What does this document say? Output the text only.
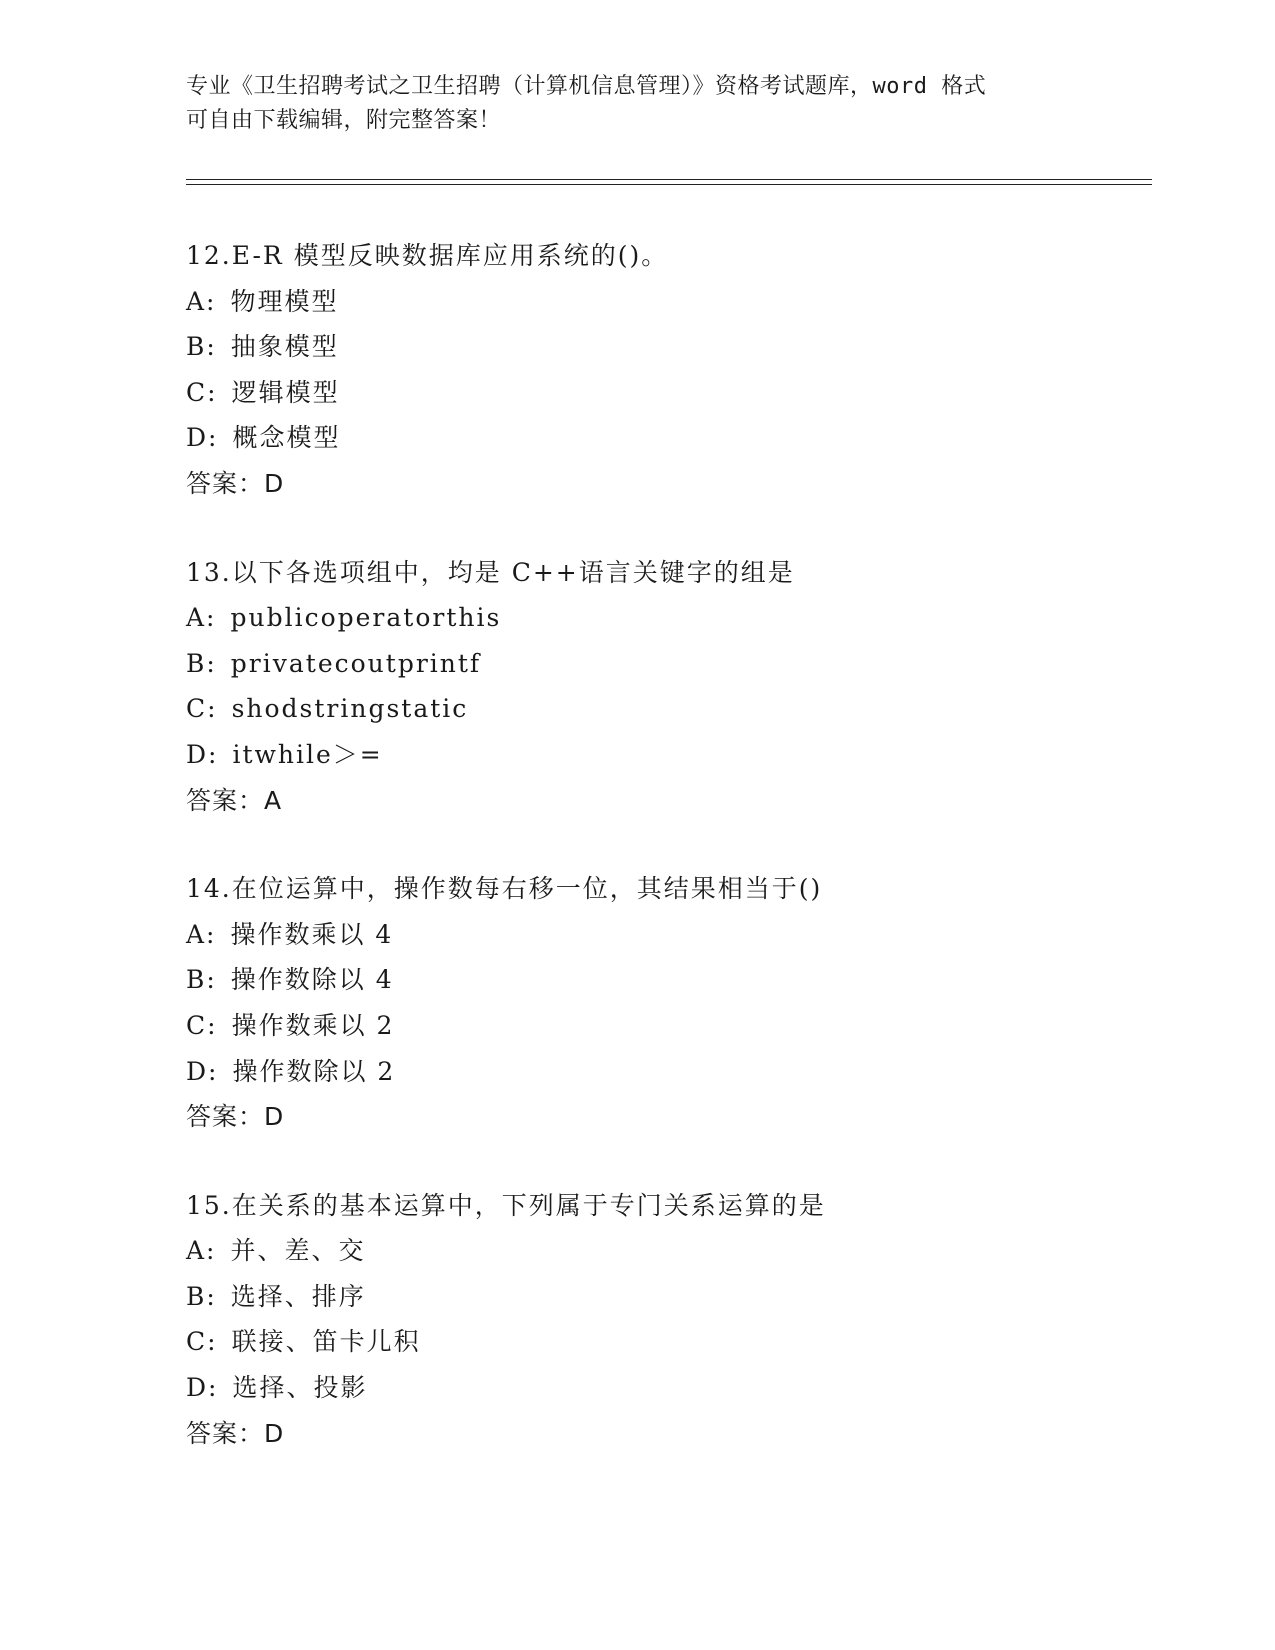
专业《卫生招聘考试之卫生招聘（计算机信息管理）》资格考试题库，word 格式
可自由下载编辑，附完整答案！
12.E-R 模型反映数据库应用系统的()。
A: 物理模型
B: 抽象模型
C: 逻辑模型
D: 概念模型
答案：D
13.以下各选项组中，均是 C++语言关键字的组是
A: publicoperatorthis
B: privatecoutprintf
C: shodstringstatic
D: itwhile＞=
答案：A
14.在位运算中，操作数每右移一位，其结果相当于()
A: 操作数乘以 4
B: 操作数除以 4
C: 操作数乘以 2
D: 操作数除以 2
答案：D
15.在关系的基本运算中，下列属于专门关系运算的是
A: 并、差、交
B: 选择、排序
C: 联接、笛卡儿积
D: 选择、投影
答案：D
